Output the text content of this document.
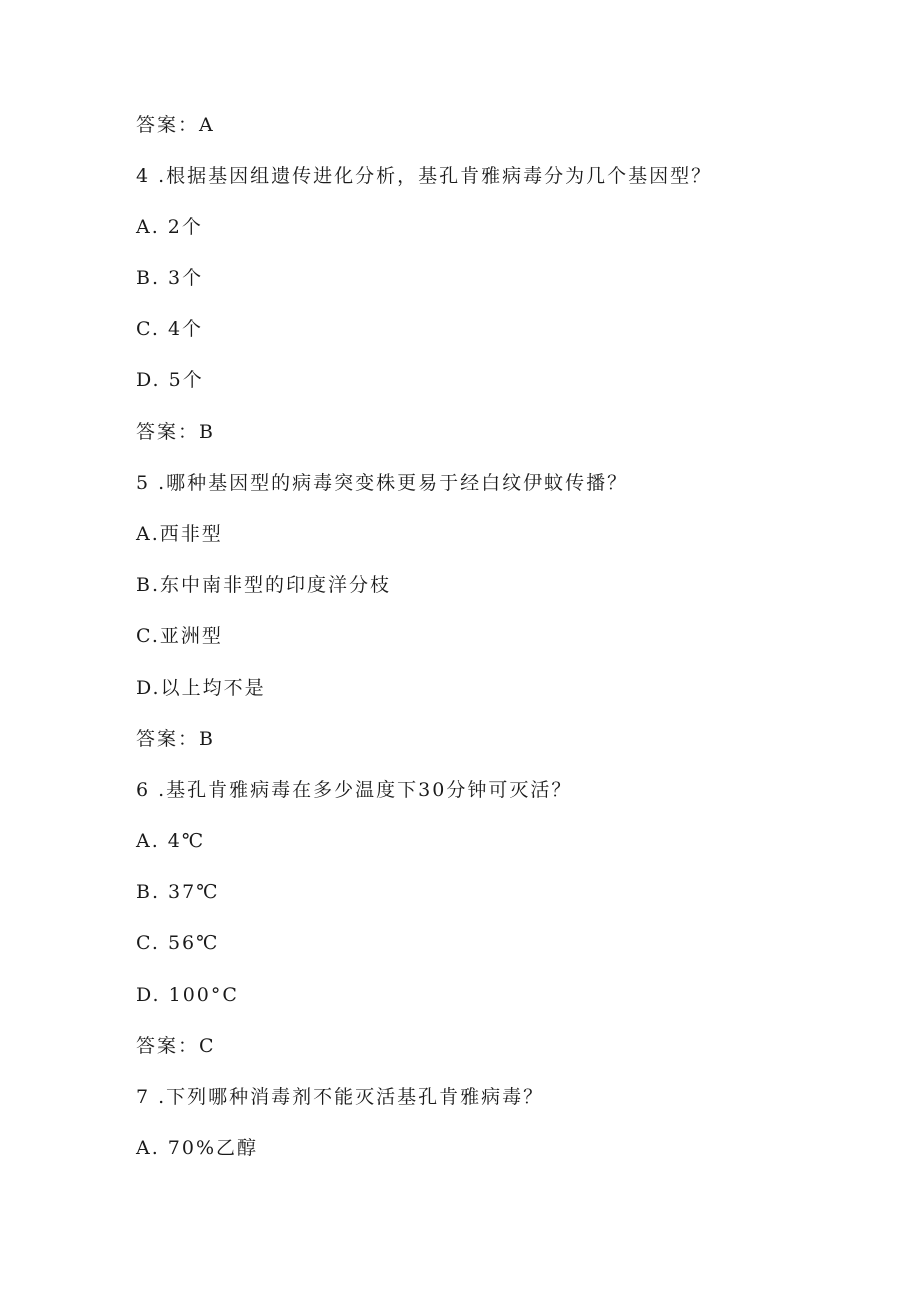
答案：A
4 .根据基因组遗传进化分析，基孔肯雅病毒分为几个基因型？
A. 2个
B. 3个
C. 4个
D. 5个
答案：B
5 .哪种基因型的病毒突变株更易于经白纹伊蚊传播？
A.西非型
B.东中南非型的印度洋分枝
C.亚洲型
D.以上均不是
答案：B
6 .基孔肯雅病毒在多少温度下30分钟可灭活？
A. 4℃
B. 37℃
C. 56℃
D. 100°C
答案：C
7 .下列哪种消毒剂不能灭活基孔肯雅病毒？
A. 70%乙醇
